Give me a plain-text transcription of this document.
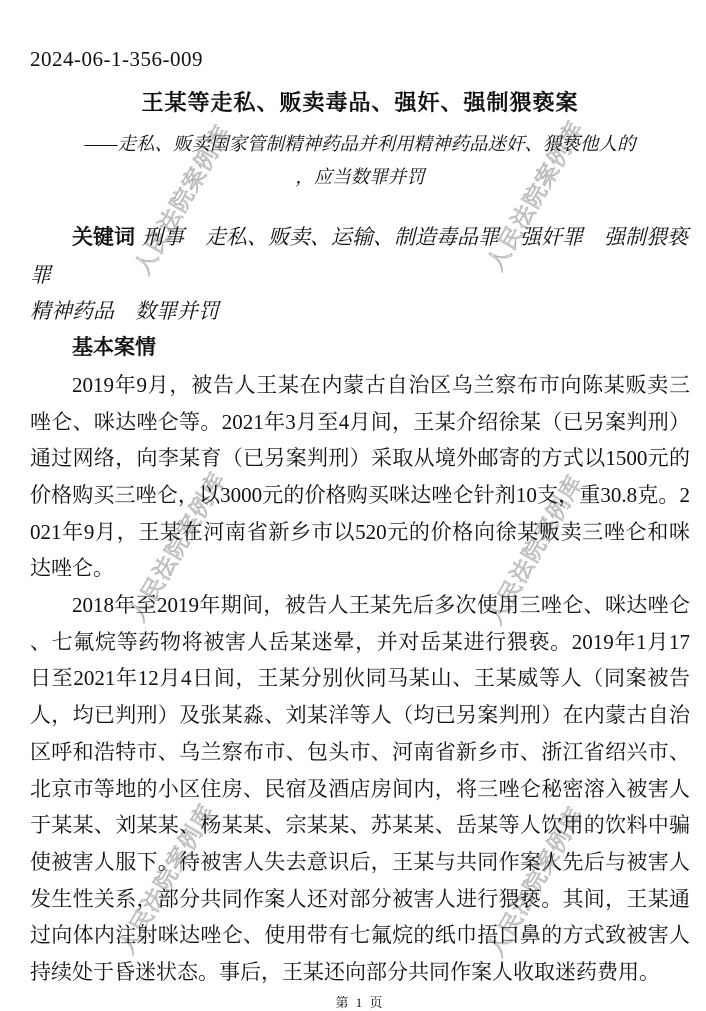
人民法院案例库	人民法院案例库
人民法院案例库	人民法院案例库
人民法院案例库	人民法院案例库
2024-06-1-356-009
王某等走私、贩卖毒品、强奸、强制猥亵案
——走私、贩卖国家管制精神药品并利用精神药品迷奸、猥亵他人的
，应当数罪并罚

关键词 刑事　走私、贩卖、运输、制造毒品罪　强奸罪　强制猥亵罪
精神药品　数罪并罚

基本案情

2019年9月，被告人王某在内蒙古自治区乌兰察布市向陈某贩卖三唑仑、咪达唑仑等。2021年3月至4月间，王某介绍徐某（已另案判刑）通过网络，向李某育（已另案判刑）采取从境外邮寄的方式以1500元的价格购买三唑仑，以3000元的价格购买咪达唑仑针剂10支，重30.8克。2021年9月，王某在河南省新乡市以520元的价格向徐某贩卖三唑仑和咪达唑仑。

2018年至2019年期间，被告人王某先后多次使用三唑仑、咪达唑仑、七氟烷等药物将被害人岳某迷晕，并对岳某进行猥亵。2019年1月17日至2021年12月4日间，王某分别伙同马某山、王某威等人（同案被告人，均已判刑）及张某淼、刘某洋等人（均已另案判刑）在内蒙古自治区呼和浩特市、乌兰察布市、包头市、河南省新乡市、浙江省绍兴市、北京市等地的小区住房、民宿及酒店房间内，将三唑仑秘密溶入被害人于某某、刘某某、杨某某、宗某某、苏某某、岳某等人饮用的饮料中骗使被害人服下。待被害人失去意识后，王某与共同作案人先后与被害人发生性关系，部分共同作案人还对部分被害人进行猥亵。其间，王某通过向体内注射咪达唑仑、使用带有七氟烷的纸巾捂口鼻的方式致被害人持续处于昏迷状态。事后，王某还向部分共同作案人收取迷药费用。

第 1 页
